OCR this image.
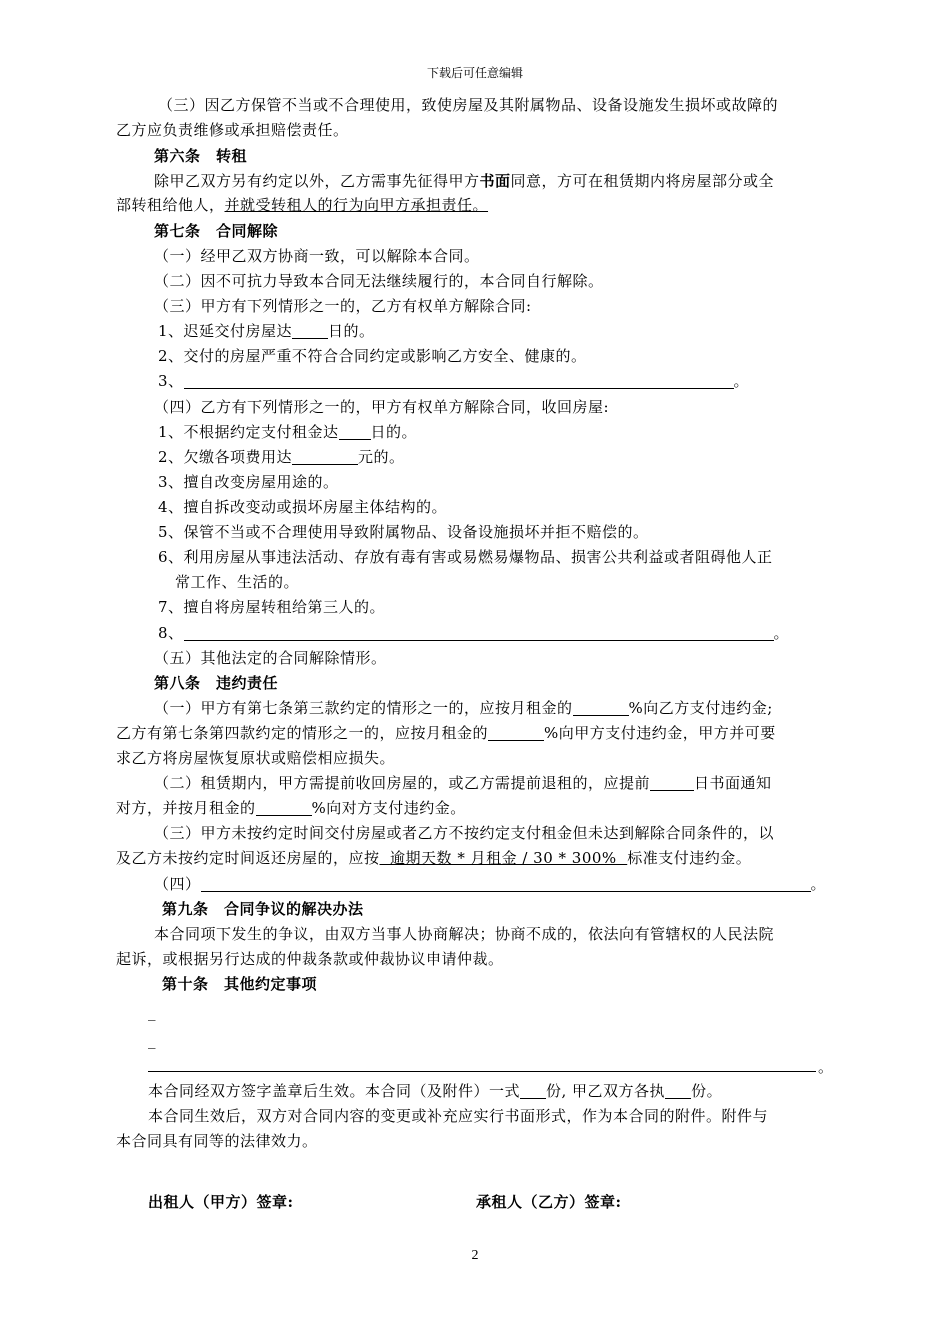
下载后可任意编辑
（三）因乙方保管不当或不合理使用，致使房屋及其附属物品、设备设施发生损坏或故障的
乙方应负责维修或承担赔偿责任。
第六条　转租
除甲乙双方另有约定以外，乙方需事先征得甲方书面同意，方可在租赁期内将房屋部分或全
部转租给他人，并就受转租人的行为向甲方承担责任。
第七条　合同解除
（一）经甲乙双方协商一致，可以解除本合同。
（二）因不可抗力导致本合同无法继续履行的，本合同自行解除。
（三）甲方有下列情形之一的，乙方有权单方解除合同:
1、迟延交付房屋达 日的。
2、交付的房屋严重不符合合同约定或影响乙方安全、健康的。
3、	。
（四）乙方有下列情形之一的，甲方有权单方解除合同，收回房屋:
1、不根据约定支付租金达 日的。
2、欠缴各项费用达	元的。
3、擅自改变房屋用途的。
4、擅自拆改变动或损坏房屋主体结构的。
5、保管不当或不合理使用导致附属物品、设备设施损坏并拒不赔偿的。
6、利用房屋从事违法活动、存放有毒有害或易燃易爆物品、损害公共利益或者阻碍他人正
常工作、生活的。
7、擅自将房屋转租给第三人的。
8、	。
（五）其他法定的合同解除情形。
第八条　违约责任
（一）甲方有第七条第三款约定的情形之一的，应按月租金的	%向乙方支付违约金;
乙方有第七条第四款约定的情形之一的，应按月租金的	%向甲方支付违约金，甲方并可要
求乙方将房屋恢复原状或赔偿相应损失。
（二）租赁期内，甲方需提前收回房屋的，或乙方需提前退租的，应提前	日书面通知
对方，并按月租金的	%向对方支付违约金。
（三）甲方未按约定时间交付房屋或者乙方不按约定支付租金但未达到解除合同条件的，以
及乙方未按约定时间返还房屋的，应按  逾期天数 * 月租金 / 30 * 300%  标准支付违约金。
（四）	。
第九条　合同争议的解决办法
本合同项下发生的争议，由双方当事人协商解决；协商不成的，依法向有管辖权的人民法院
起诉，或根据另行达成的仲裁条款或仲裁协议申请仲裁。
第十条　其他约定事项
_
_
。
本合同经双方签字盖章后生效。本合同（及附件）一式 份, 甲乙双方各执 份。
本合同生效后，双方对合同内容的变更或补充应实行书面形式，作为本合同的附件。附件与
本合同具有同等的法律效力。
出租人（甲方）签章:	承租人（乙方）签章:
2
